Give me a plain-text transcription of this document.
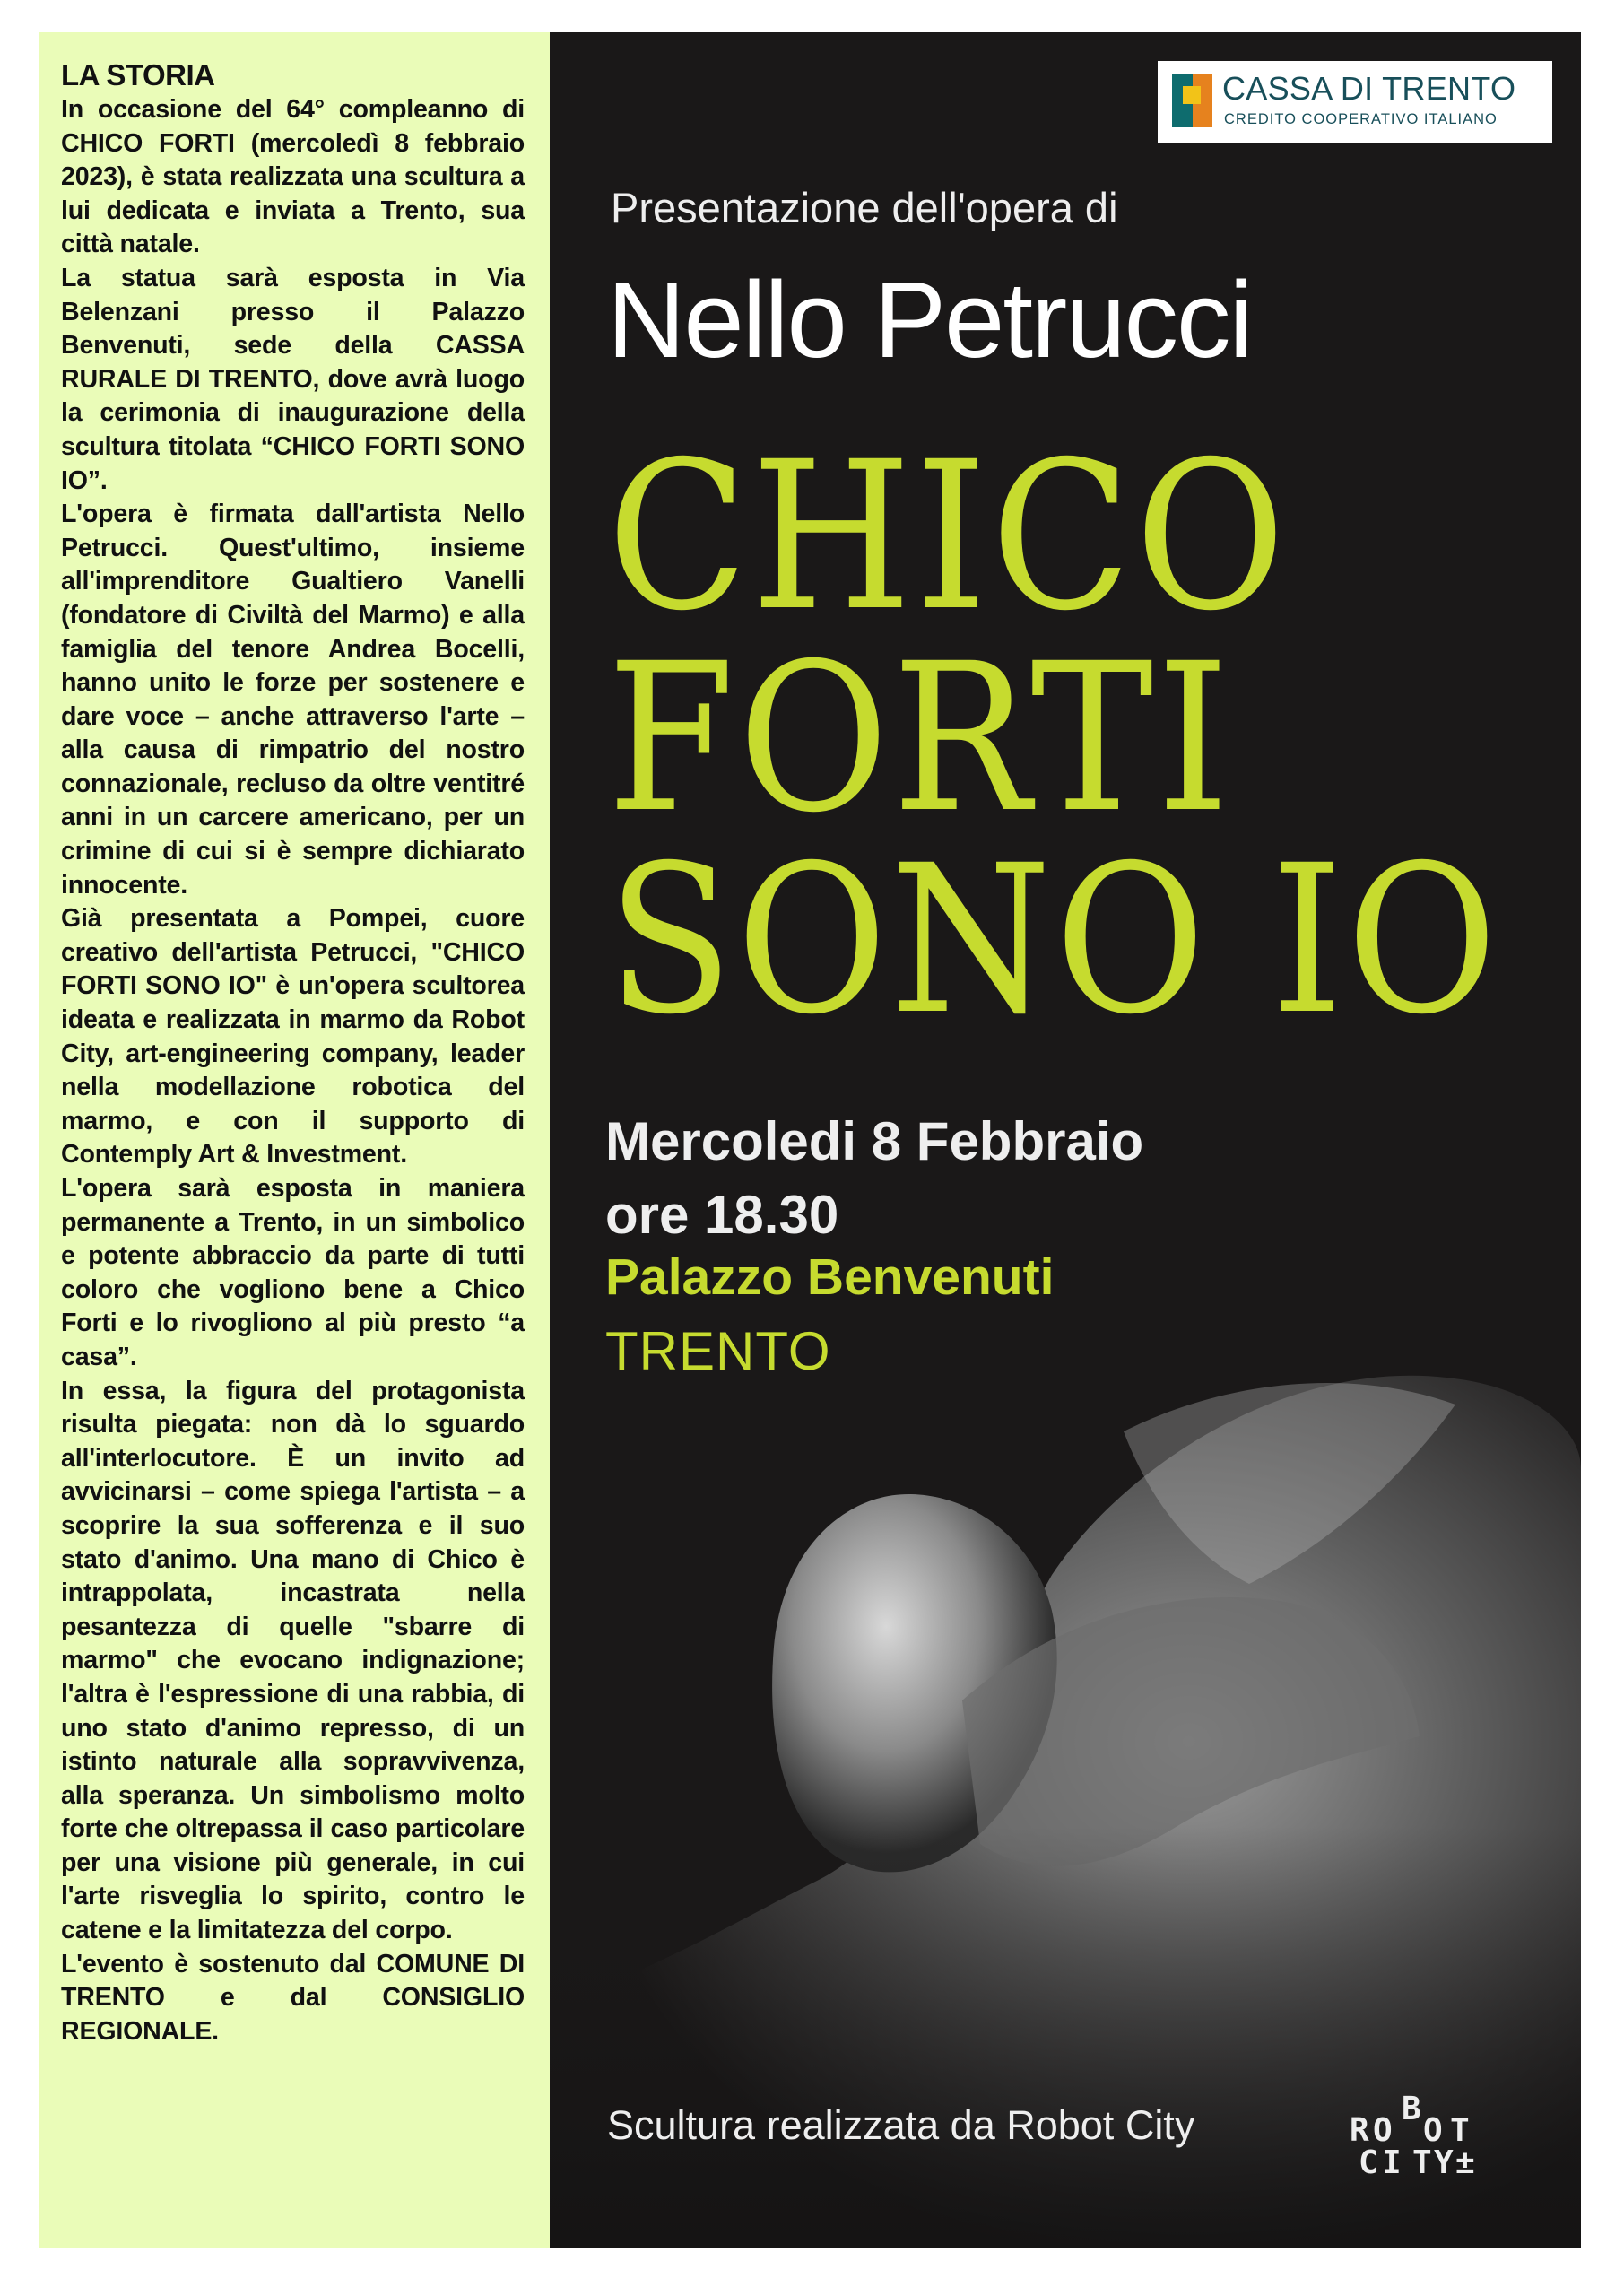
LA STORIA

In occasione del 64° compleanno di CHICO FORTI (mercoledì 8 febbraio 2023), è stata realizzata una scultura a lui dedicata e inviata a Trento, sua città natale.

La statua sarà esposta in Via Belenzani presso il Palazzo Benvenuti, sede della CASSA RURALE DI TRENTO, dove avrà luogo la cerimonia di inaugurazione della scultura titolata “CHICO FORTI SONO IO”.

L'opera è firmata dall'artista Nello Petrucci. Quest'ultimo, insieme all'imprenditore Gualtiero Vanelli (fondatore di Civiltà del Marmo) e alla famiglia del tenore Andrea Bocelli, hanno unito le forze per sostenere e dare voce – anche attraverso l'arte – alla causa di rimpatrio del nostro connazionale, recluso da oltre ventitré anni in un carcere americano, per un crimine di cui si è sempre dichiarato innocente.

Già presentata a Pompei, cuore creativo dell'artista Petrucci, "CHICO FORTI SONO IO" è un'opera scultorea ideata e realizzata in marmo da Robot City, art-engineering company, leader nella modellazione robotica del marmo, e con il supporto di Contemply Art & Investment.

L'opera sarà esposta in maniera permanente a Trento, in un simbolico e potente abbraccio da parte di tutti coloro che vogliono bene a Chico Forti e lo rivogliono al più presto “a casa”.

In essa, la figura del protagonista risulta piegata: non dà lo sguardo all'interlocutore. È un invito ad avvicinarsi – come spiega l'artista – a scoprire la sua sofferenza e il suo stato d'animo. Una mano di Chico è intrappolata, incastrata nella pesantezza di quelle "sbarre di marmo" che evocano indignazione; l'altra è l'espressione di una rabbia, di uno stato d'animo represso, di un istinto naturale alla sopravvivenza, alla speranza. Un simbolismo molto forte che oltrepassa il caso particolare per una visione più generale, in cui l'arte risveglia lo spirito, contro le catene e la limitatezza del corpo.

L'evento è sostenuto dal COMUNE DI TRENTO e dal CONSIGLIO REGIONALE.

CASSA DI TRENTO
CREDITO COOPERATIVO ITALIANO
Presentazione dell'opera di
Nello Petrucci
CHICO
FORTI
SONO IO
Mercoledi 8 Febbraio
ore 18.30
Palazzo Benvenuti
TRENTO
Scultura realizzata da Robot City	R O
B
O T
C I T Y ±
